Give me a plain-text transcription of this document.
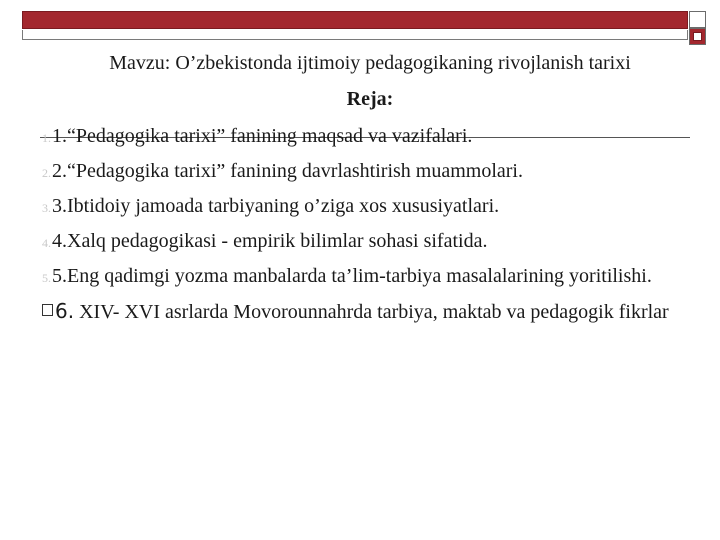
Mavzu: O’zbekistonda ijtimoiy pedagogikaning rivojlanish tarixi
Reja:
1.1.“Pedagogika tarixi” fanining maqsad va vazifalari.
2.2.“Pedagogika tarixi” fanining davrlashtirish muammolari.
3.3.Ibtidoiy jamoada tarbiyaning o’ziga xos xususiyatlari.
4.4.Xalq pedagogikasi - empirik bilimlar sohasi sifatida.
5.5.Eng qadimgi yozma manbalarda ta’lim-tarbiya masalalarining yoritilishi.
6. XIV- XVI asrlarda Movorounnahrda tarbiya, maktab va pedagogik fikrlar
